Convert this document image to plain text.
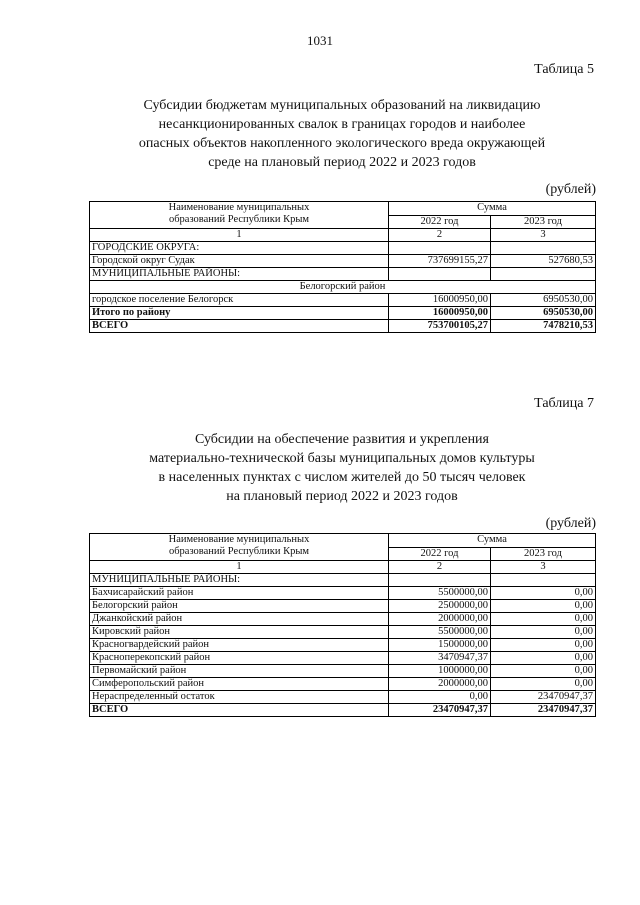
1031
Таблица 5
Субсидии бюджетам муниципальных образований на ликвидацию
несанкционированных свалок в границах городов и наиболее
опасных объектов накопленного экологического вреда окружающей
среде на плановый период 2022 и 2023 годов
(рублей)
Наименование муниципальных образований Республики Крым	Сумма	
	2022 год	2023 год
1	2	3
ГОРОДСКИЕ ОКРУГА:		
Городской округ Судак	737699155,27	527680,53
МУНИЦИПАЛЬНЫЕ РАЙОНЫ:		
Белогорский район		
городское поселение Белогорск	16000950,00	6950530,00
Итого по району	16000950,00	6950530,00
ВСЕГО	753700105,27	7478210,53
Таблица 7
Субсидии на обеспечение развития и укрепления
материально-технической базы муниципальных домов культуры
в населенных пунктах с числом жителей до 50 тысяч человек
на плановый период 2022 и 2023 годов
(рублей)
Наименование муниципальных образований Республики Крым	Сумма	
	2022 год	2023 год
1	2	3
МУНИЦИПАЛЬНЫЕ РАЙОНЫ:		
Бахчисарайский район	5500000,00	0,00
Белогорский район	2500000,00	0,00
Джанкойский район	2000000,00	0,00
Кировский район	5500000,00	0,00
Красногвардейский район	1500000,00	0,00
Красноперекопский район	3470947,37	0,00
Первомайский район	1000000,00	0,00
Симферопольский район	2000000,00	0,00
Нераспределенный остаток	0,00	23470947,37
ВСЕГО	23470947,37	23470947,37
